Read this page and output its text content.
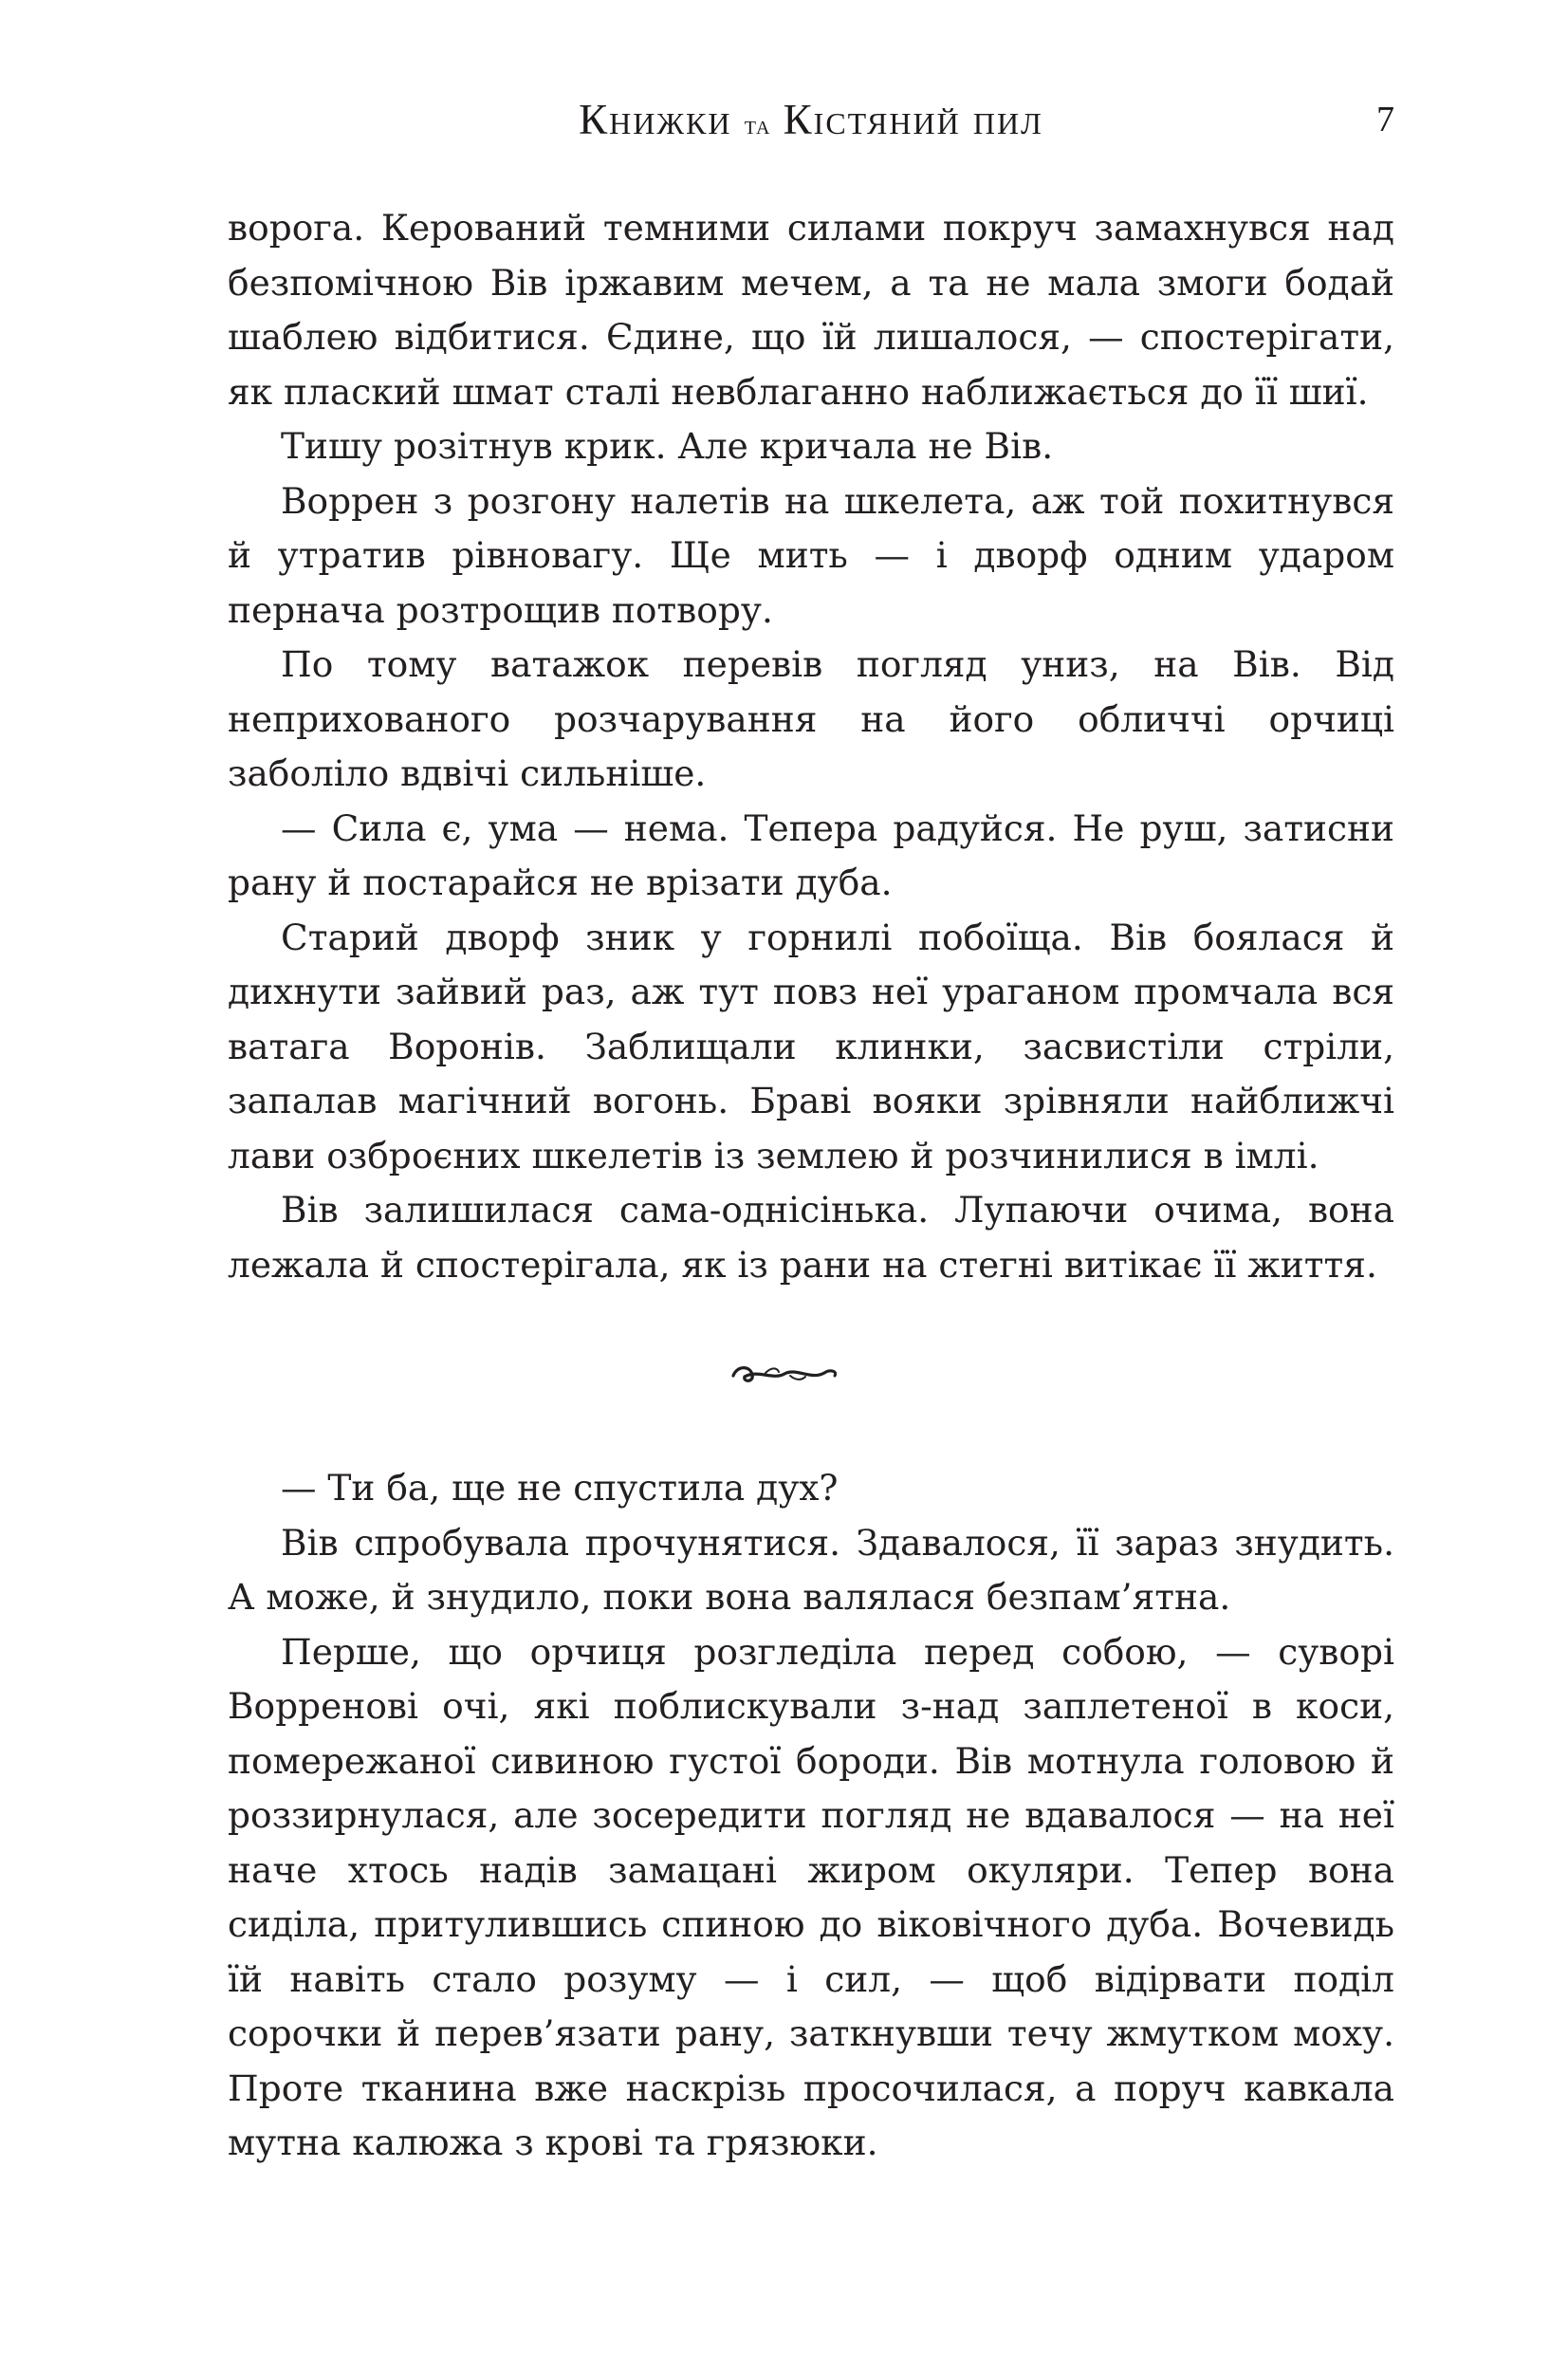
Книжки та Кістяний пил	7

ворога. Керований темними силами покруч замахнувся над безпомічною Вів іржавим мечем, а та не мала змоги бодай шаблею відбитися. Єдине, що їй лишалося, — спостерігати, як плаский шмат сталі невблаганно наближається до її шиї.

Тишу розітнув крик. Але кричала не Вів.

Воррен з розгону налетів на шкелета, аж той похитнувся й утратив рівновагу. Ще мить — і дворф одним ударом пернача розтрощив потвору.

По тому ватажок перевів погляд униз, на Вів. Від неприхованого розчарування на його обличчі орчиці заболіло вдвічі сильніше.

— Сила є, ума — нема. Тепера радуйся. Не руш, затисни рану й постарайся не врізати дуба.

Старий дворф зник у горнилі побоїща. Вів боялася й дихнути зайвий раз, аж тут повз неї ураганом промчала вся ватага Воронів. Заблищали клинки, засвистіли стріли, запалав магічний вогонь. Браві вояки зрівняли найближчі лави озброєних шкелетів із землею й розчинилися в імлі.

Вів залишилася сама-однісінька. Лупаючи очима, вона лежала й спостерігала, як із рани на стегні витікає її життя.

— Ти ба, ще не спустила дух?

Вів спробувала прочунятися. Здавалося, її зараз знудить. А може, й знудило, поки вона валялася безпам’ятна.

Перше, що орчиця розгледіла перед собою, — суворі Ворренові очі, які поблискували з-над заплетеної в коси, помережаної сивиною густої бороди. Вів мотнула головою й роззирнулася, але зосередити погляд не вдавалося — на неї наче хтось надів замацані жиром окуляри. Тепер вона сиділа, притулившись спиною до віковічного дуба. Вочевидь їй навіть стало розуму — і сил, — щоб відірвати поділ сорочки й перев’язати рану, заткнувши течу жмутком моху. Проте тканина вже наскрізь просочилася, а поруч кавкала мутна калюжа з крові та грязюки.
